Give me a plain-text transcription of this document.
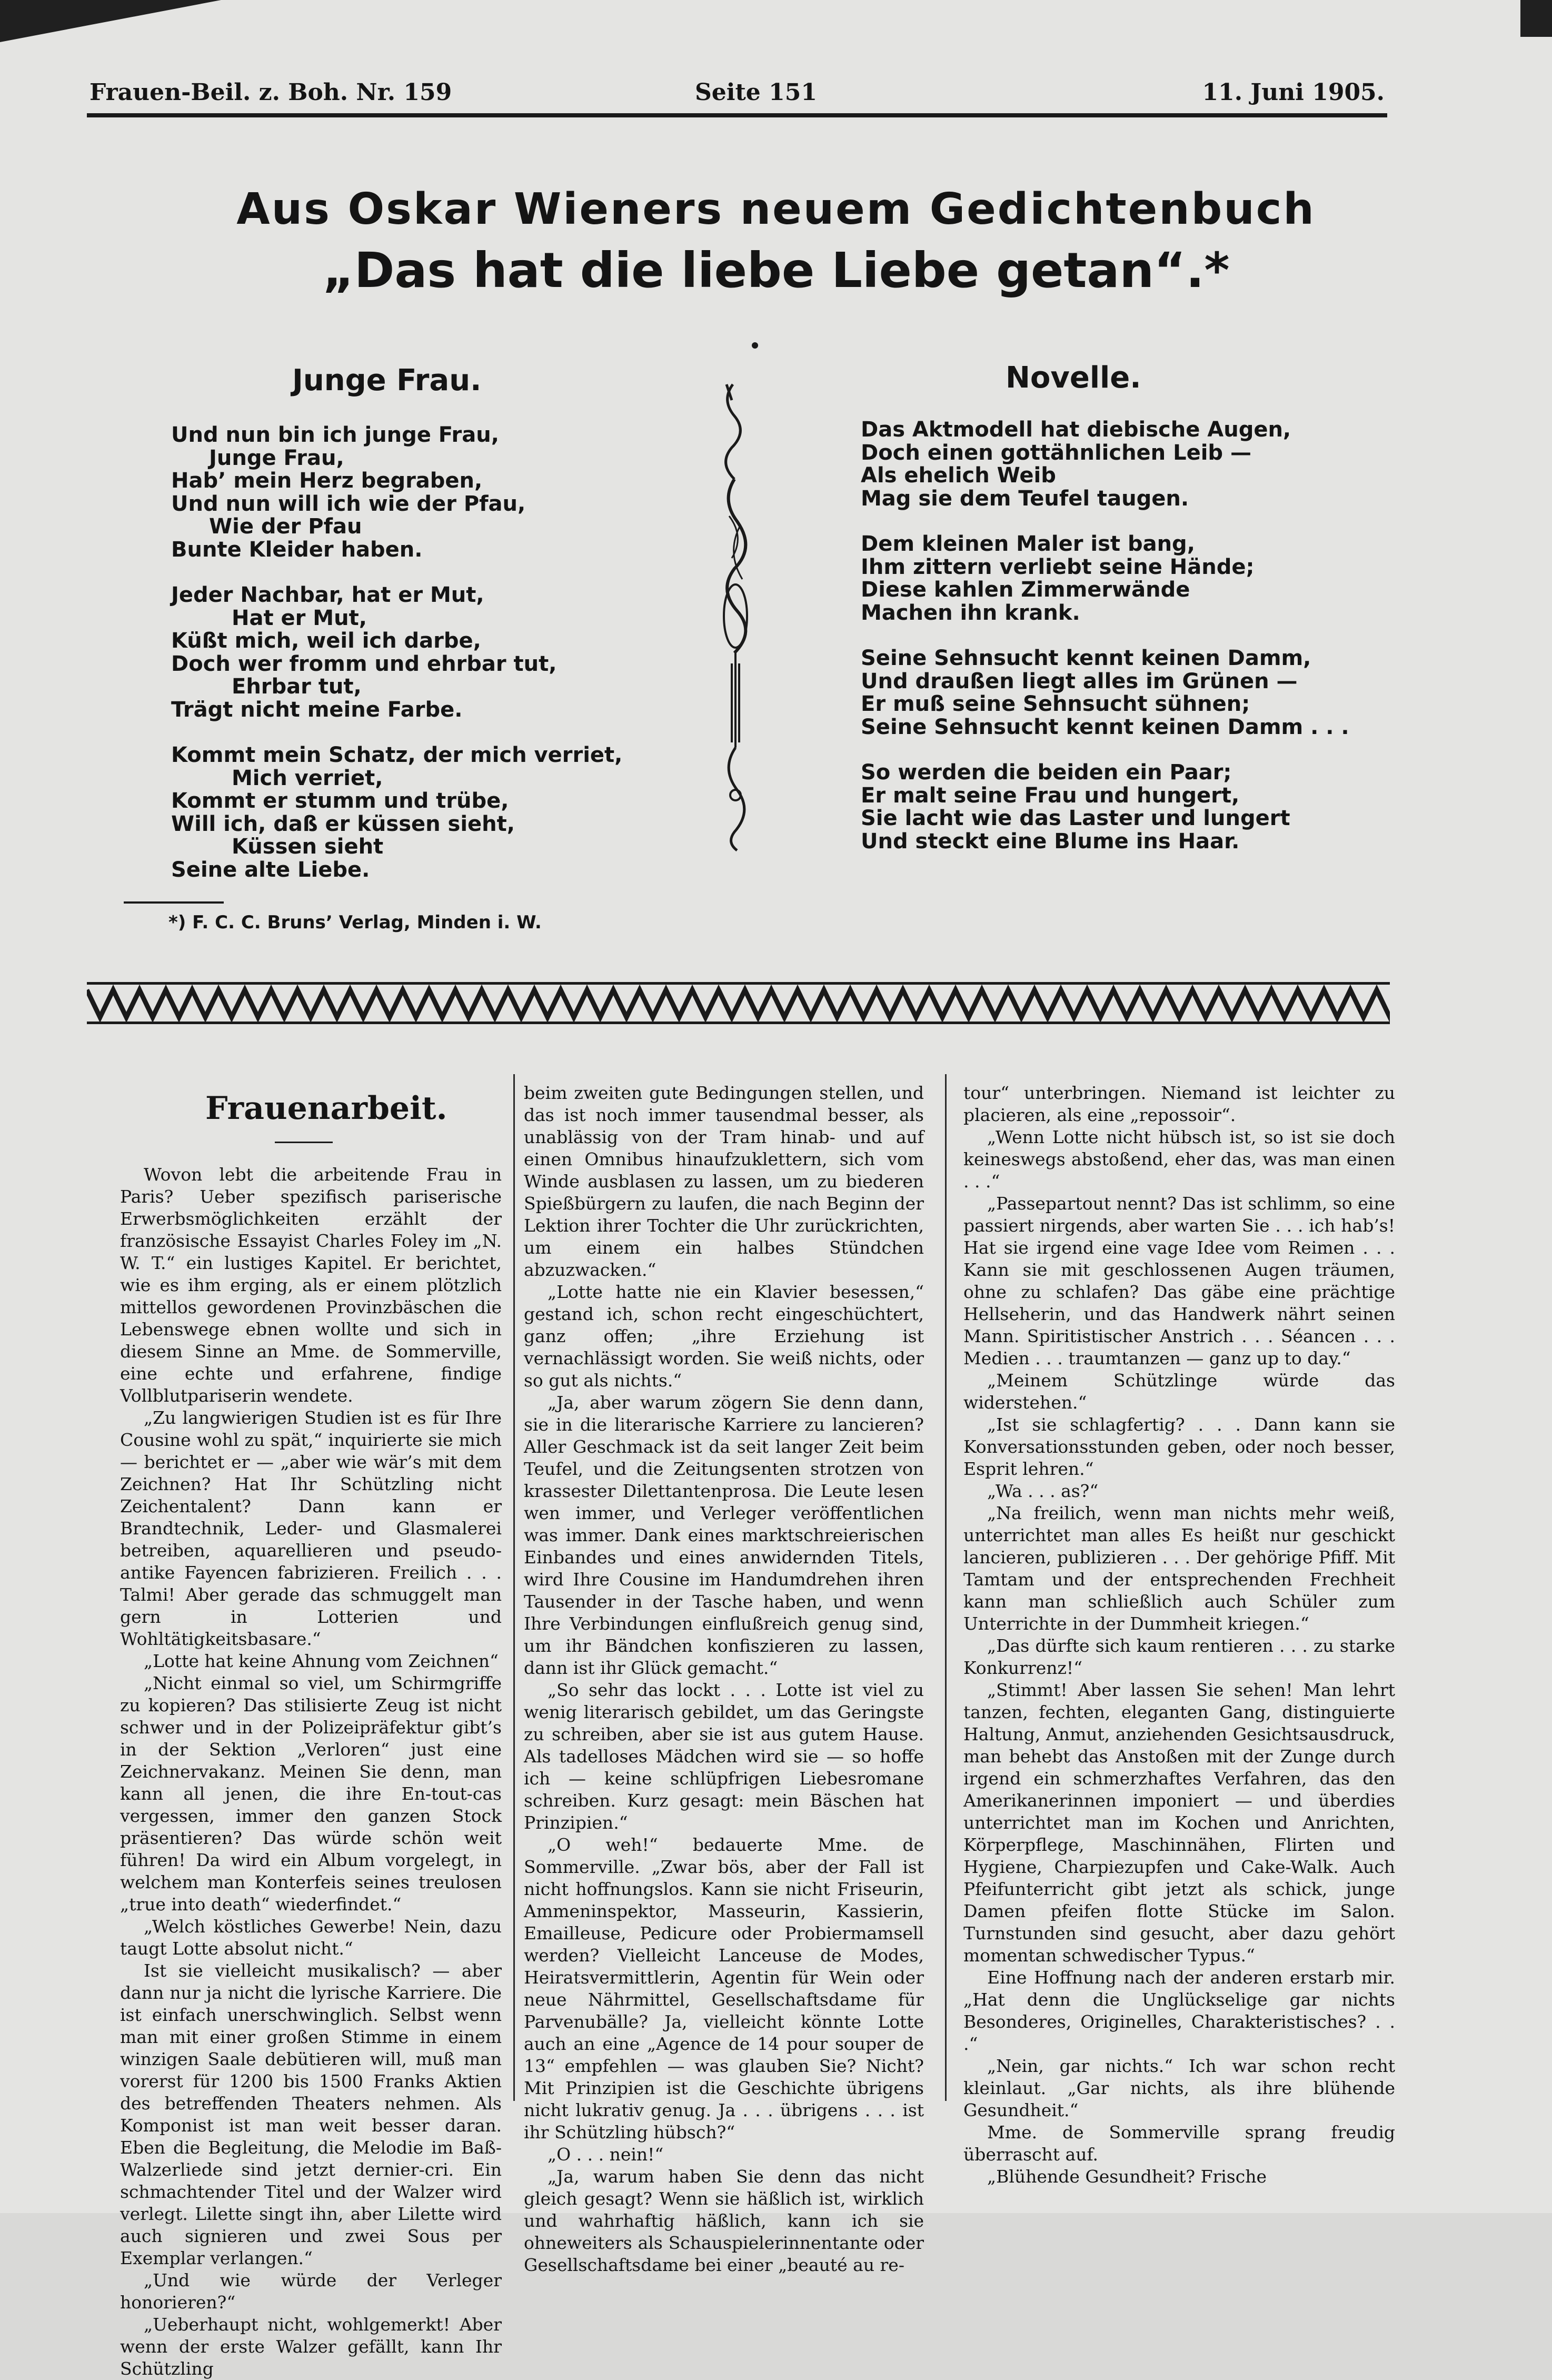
Frauen-Beil. z. Boh. Nr. 159	Seite 151	11. Juni 1905.
Aus Oskar Wieners neuem Gedichtenbuch
„Das hat die liebe Liebe getan“.*
Junge Frau.	Novelle.
Und nun bin ich junge Frau,
Junge Frau,
Hab’ mein Herz begraben,
Und nun will ich wie der Pfau,
Wie der Pfau
Bunte Kleider haben.
Jeder Nachbar, hat er Mut,
Hat er Mut,
Küßt mich, weil ich darbe,
Doch wer fromm und ehrbar tut,
Ehrbar tut,
Trägt nicht meine Farbe.
Kommt mein Schatz, der mich verriet,
Mich verriet,
Kommt er stumm und trübe,
Will ich, daß er küssen sieht,
Küssen sieht
Seine alte Liebe.
Das Aktmodell hat diebische Augen,
Doch einen gottähnlichen Leib —
Als ehelich Weib
Mag sie dem Teufel taugen.
Dem kleinen Maler ist bang,
Ihm zittern verliebt seine Hände;
Diese kahlen Zimmerwände
Machen ihn krank.
Seine Sehnsucht kennt keinen Damm,
Und draußen liegt alles im Grünen —
Er muß seine Sehnsucht sühnen;
Seine Sehnsucht kennt keinen Damm . . .
So werden die beiden ein Paar;
Er malt seine Frau und hungert,
Sie lacht wie das Laster und lungert
Und steckt eine Blume ins Haar.
*) F. C. C. Bruns’ Verlag, Minden i. W.
Frauenarbeit.

Wovon lebt die arbeitende Frau in Paris? Ueber spezifisch pariserische Erwerbsmöglichkeiten erzählt der französische Essayist Charles Foley im „N. W. T.“ ein lustiges Kapitel. Er berichtet, wie es ihm erging, als er einem plötzlich mittellos gewordenen Provinzbäschen die Lebenswege ebnen wollte und sich in diesem Sinne an Mme. de Sommerville, eine echte und erfahrene, findige Vollblutpariserin wendete.

„Zu langwierigen Studien ist es für Ihre Cousine wohl zu spät,“ inquirierte sie mich — berichtet er — „aber wie wär’s mit dem Zeichnen? Hat Ihr Schützling nicht Zeichentalent? Dann kann er Brandtechnik, Leder- und Glasmalerei betreiben, aquarellieren und pseudo-antike Fayencen fabrizieren. Freilich . . . Talmi! Aber gerade das schmuggelt man gern in Lotterien und Wohltätigkeitsbasare.“

„Lotte hat keine Ahnung vom Zeichnen“

„Nicht einmal so viel, um Schirmgriffe zu kopieren? Das stilisierte Zeug ist nicht schwer und in der Polizeipräfektur gibt’s in der Sektion „Verloren“ just eine Zeichnervakanz. Meinen Sie denn, man kann all jenen, die ihre En-tout-cas vergessen, immer den ganzen Stock präsentieren? Das würde schön weit führen! Da wird ein Album vorgelegt, in welchem man Konterfeis seines treulosen „true into death“ wiederfindet.“

„Welch köstliches Gewerbe! Nein, dazu taugt Lotte absolut nicht.“

Ist sie vielleicht musikalisch? — aber dann nur ja nicht die lyrische Karriere. Die ist einfach unerschwinglich. Selbst wenn man mit einer großen Stimme in einem winzigen Saale debütieren will, muß man vorerst für 1200 bis 1500 Franks Aktien des betreffenden Theaters nehmen. Als Komponist ist man weit besser daran. Eben die Begleitung, die Melodie im Baß-Walzerliede sind jetzt dernier-cri. Ein schmachtender Titel und der Walzer wird verlegt. Lilette singt ihn, aber Lilette wird auch signieren und zwei Sous per Exemplar verlangen.“

„Und wie würde der Verleger honorieren?“

„Ueberhaupt nicht, wohlgemerkt! Aber wenn der erste Walzer gefällt, kann Ihr Schützling

beim zweiten gute Bedingungen stellen, und das ist noch immer tausendmal besser, als unablässig von der Tram hinab- und auf einen Omnibus hinaufzuklettern, sich vom Winde ausblasen zu lassen, um zu biederen Spießbürgern zu laufen, die nach Beginn der Lektion ihrer Tochter die Uhr zurückrichten, um einem ein halbes Stündchen abzuzwacken.“

„Lotte hatte nie ein Klavier besessen,“ gestand ich, schon recht eingeschüchtert, ganz offen; „ihre Erziehung ist vernachlässigt worden. Sie weiß nichts, oder so gut als nichts.“

„Ja, aber warum zögern Sie denn dann, sie in die literarische Karriere zu lancieren? Aller Geschmack ist da seit langer Zeit beim Teufel, und die Zeitungsenten strotzen von krassester Dilettantenprosa. Die Leute lesen wen immer, und Verleger veröffentlichen was immer. Dank eines marktschreierischen Einbandes und eines anwidernden Titels, wird Ihre Cousine im Handumdrehen ihren Tausender in der Tasche haben, und wenn Ihre Verbindungen einflußreich genug sind, um ihr Bändchen konfiszieren zu lassen, dann ist ihr Glück gemacht.“

„So sehr das lockt . . . Lotte ist viel zu wenig literarisch gebildet, um das Geringste zu schreiben, aber sie ist aus gutem Hause. Als tadelloses Mädchen wird sie — so hoffe ich — keine schlüpfrigen Liebesromane schreiben. Kurz gesagt: mein Bäschen hat Prinzipien.“

„O weh!“ bedauerte Mme. de Sommerville. „Zwar bös, aber der Fall ist nicht hoffnungslos. Kann sie nicht Friseurin, Ammeninspektor, Masseurin, Kassierin, Emailleuse, Pedicure oder Probiermamsell werden? Vielleicht Lanceuse de Modes, Heiratsvermittlerin, Agentin für Wein oder neue Nährmittel, Gesellschaftsdame für Parvenubälle? Ja, vielleicht könnte Lotte auch an eine „Agence de 14 pour souper de 13“ empfehlen — was glauben Sie? Nicht? Mit Prinzipien ist die Geschichte übrigens nicht lukrativ genug. Ja . . . übrigens . . . ist ihr Schützling hübsch?“

„O . . . nein!“

„Ja, warum haben Sie denn das nicht gleich gesagt? Wenn sie häßlich ist, wirklich und wahrhaftig häßlich, kann ich sie ohneweiters als Schauspielerinnentante oder Gesellschaftsdame bei einer „beauté au re-

tour“ unterbringen. Niemand ist leichter zu placieren, als eine „repossoir“.

„Wenn Lotte nicht hübsch ist, so ist sie doch keineswegs abstoßend, eher das, was man einen . . .“

„Passepartout nennt? Das ist schlimm, so eine passiert nirgends, aber warten Sie . . . ich hab’s! Hat sie irgend eine vage Idee vom Reimen . . . Kann sie mit geschlossenen Augen träumen, ohne zu schlafen? Das gäbe eine prächtige Hellseherin, und das Handwerk nährt seinen Mann. Spiritistischer Anstrich . . . Séancen . . . Medien . . . traumtanzen — ganz up to day.“

„Meinem Schützlinge würde das widerstehen.“

„Ist sie schlagfertig? . . . Dann kann sie Konversationsstunden geben, oder noch besser, Esprit lehren.“

„Wa . . . as?“

„Na freilich, wenn man nichts mehr weiß, unterrichtet man alles Es heißt nur geschickt lancieren, publizieren . . . Der gehörige Pfiff. Mit Tamtam und der entsprechenden Frechheit kann man schließlich auch Schüler zum Unterrichte in der Dummheit kriegen.“

„Das dürfte sich kaum rentieren . . . zu starke Konkurrenz!“

„Stimmt! Aber lassen Sie sehen! Man lehrt tanzen, fechten, eleganten Gang, distinguierte Haltung, Anmut, anziehenden Gesichtsausdruck, man behebt das Anstoßen mit der Zunge durch irgend ein schmerzhaftes Verfahren, das den Amerikanerinnen imponiert — und überdies unterrichtet man im Kochen und Anrichten, Körperpflege, Maschinnähen, Flirten und Hygiene, Charpiezupfen und Cake-Walk. Auch Pfeifunterricht gibt jetzt als schick, junge Damen pfeifen flotte Stücke im Salon. Turnstunden sind gesucht, aber dazu gehört momentan schwedischer Typus.“

Eine Hoffnung nach der anderen erstarb mir. „Hat denn die Unglückselige gar nichts Besonderes, Originelles, Charakteristisches? . . .“

„Nein, gar nichts.“ Ich war schon recht kleinlaut. „Gar nichts, als ihre blühende Gesundheit.“

Mme. de Sommerville sprang freudig überrascht auf.

„Blühende Gesundheit? Frische
